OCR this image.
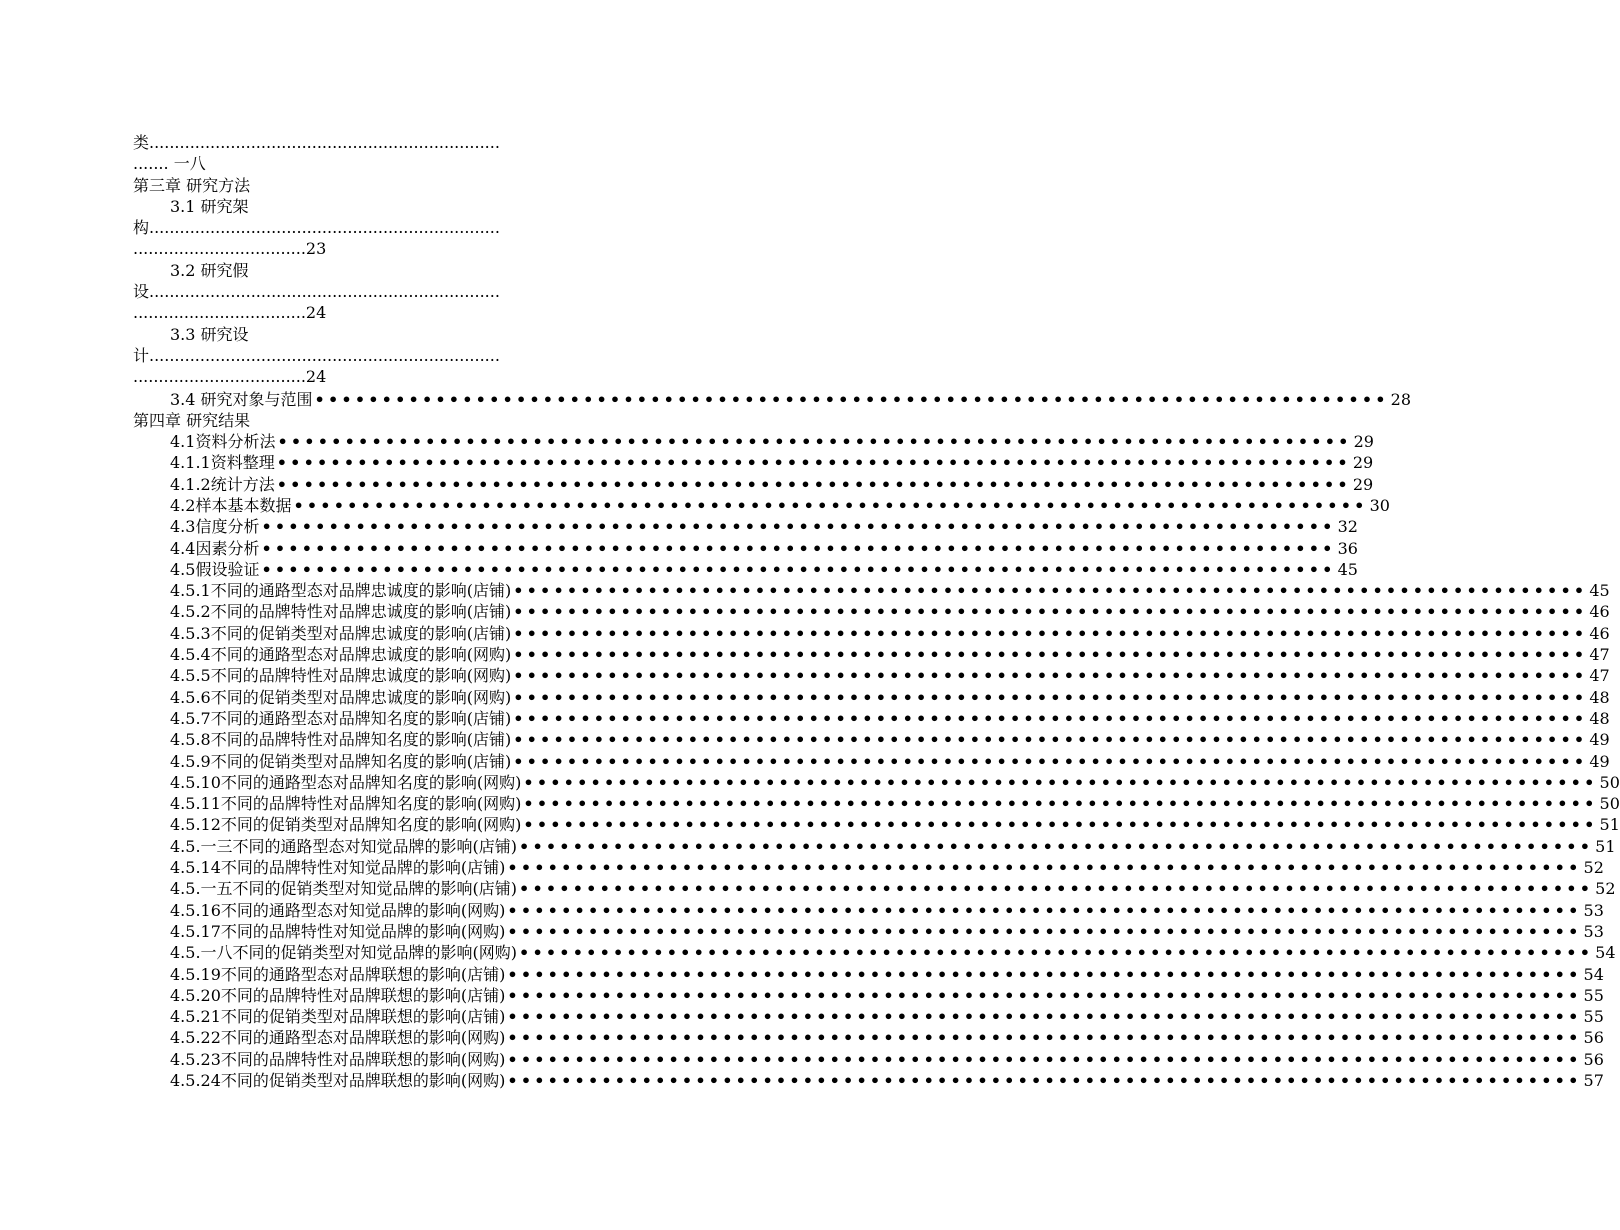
类.....................................................................
....... 一八
第三章 研究方法
3.1 研究架
构.....................................................................
..................................23
3.2 研究假
设.....................................................................
..................................24
3.3 研究设
计.....................................................................
..................................24
3.4 研究对象与范围 •••••••••••••••••••••••••••••••••••••••••••••••••••••••••••••••••••••••••••••••• 28
第四章 研究结果
4.1资料分析法 •••••••••••••••••••••••••••••••••••••••••••••••••••••••••••••••••••••••••••••••• 29
4.1.1资料整理 •••••••••••••••••••••••••••••••••••••••••••••••••••••••••••••••••••••••••••••••• 29
4.1.2统计方法 •••••••••••••••••••••••••••••••••••••••••••••••••••••••••••••••••••••••••••••••• 29
4.2样本基本数据 •••••••••••••••••••••••••••••••••••••••••••••••••••••••••••••••••••••••••••••••• 30
4.3信度分析 •••••••••••••••••••••••••••••••••••••••••••••••••••••••••••••••••••••••••••••••• 32
4.4因素分析 •••••••••••••••••••••••••••••••••••••••••••••••••••••••••••••••••••••••••••••••• 36
4.5假设验证 •••••••••••••••••••••••••••••••••••••••••••••••••••••••••••••••••••••••••••••••• 45
4.5.1不同的通路型态对品牌忠诚度的影响(店铺) •••••••••••••••••••••••••••••••••••••••••••••••••••••••••••••••••••••••••••••••• 45
4.5.2不同的品牌特性对品牌忠诚度的影响(店铺) •••••••••••••••••••••••••••••••••••••••••••••••••••••••••••••••••••••••••••••••• 46
4.5.3不同的促销类型对品牌忠诚度的影响(店铺) •••••••••••••••••••••••••••••••••••••••••••••••••••••••••••••••••••••••••••••••• 46
4.5.4不同的通路型态对品牌忠诚度的影响(网购) •••••••••••••••••••••••••••••••••••••••••••••••••••••••••••••••••••••••••••••••• 47
4.5.5不同的品牌特性对品牌忠诚度的影响(网购) •••••••••••••••••••••••••••••••••••••••••••••••••••••••••••••••••••••••••••••••• 47
4.5.6不同的促销类型对品牌忠诚度的影响(网购) •••••••••••••••••••••••••••••••••••••••••••••••••••••••••••••••••••••••••••••••• 48
4.5.7不同的通路型态对品牌知名度的影响(店铺) •••••••••••••••••••••••••••••••••••••••••••••••••••••••••••••••••••••••••••••••• 48
4.5.8不同的品牌特性对品牌知名度的影响(店铺) •••••••••••••••••••••••••••••••••••••••••••••••••••••••••••••••••••••••••••••••• 49
4.5.9不同的促销类型对品牌知名度的影响(店铺) •••••••••••••••••••••••••••••••••••••••••••••••••••••••••••••••••••••••••••••••• 49
4.5.10不同的通路型态对品牌知名度的影响(网购) •••••••••••••••••••••••••••••••••••••••••••••••••••••••••••••••••••••••••••••••• 50
4.5.11不同的品牌特性对品牌知名度的影响(网购) •••••••••••••••••••••••••••••••••••••••••••••••••••••••••••••••••••••••••••••••• 50
4.5.12不同的促销类型对品牌知名度的影响(网购) •••••••••••••••••••••••••••••••••••••••••••••••••••••••••••••••••••••••••••••••• 51
4.5.一三不同的通路型态对知觉品牌的影响(店铺) •••••••••••••••••••••••••••••••••••••••••••••••••••••••••••••••••••••••••••••••• 51
4.5.14不同的品牌特性对知觉品牌的影响(店铺) •••••••••••••••••••••••••••••••••••••••••••••••••••••••••••••••••••••••••••••••• 52
4.5.一五不同的促销类型对知觉品牌的影响(店铺) •••••••••••••••••••••••••••••••••••••••••••••••••••••••••••••••••••••••••••••••• 52
4.5.16不同的通路型态对知觉品牌的影响(网购) •••••••••••••••••••••••••••••••••••••••••••••••••••••••••••••••••••••••••••••••• 53
4.5.17不同的品牌特性对知觉品牌的影响(网购) •••••••••••••••••••••••••••••••••••••••••••••••••••••••••••••••••••••••••••••••• 53
4.5.一八不同的促销类型对知觉品牌的影响(网购) •••••••••••••••••••••••••••••••••••••••••••••••••••••••••••••••••••••••••••••••• 54
4.5.19不同的通路型态对品牌联想的影响(店铺) •••••••••••••••••••••••••••••••••••••••••••••••••••••••••••••••••••••••••••••••• 54
4.5.20不同的品牌特性对品牌联想的影响(店铺) •••••••••••••••••••••••••••••••••••••••••••••••••••••••••••••••••••••••••••••••• 55
4.5.21不同的促销类型对品牌联想的影响(店铺) •••••••••••••••••••••••••••••••••••••••••••••••••••••••••••••••••••••••••••••••• 55
4.5.22不同的通路型态对品牌联想的影响(网购) •••••••••••••••••••••••••••••••••••••••••••••••••••••••••••••••••••••••••••••••• 56
4.5.23不同的品牌特性对品牌联想的影响(网购) •••••••••••••••••••••••••••••••••••••••••••••••••••••••••••••••••••••••••••••••• 56
4.5.24不同的促销类型对品牌联想的影响(网购) •••••••••••••••••••••••••••••••••••••••••••••••••••••••••••••••••••••••••••••••• 57
